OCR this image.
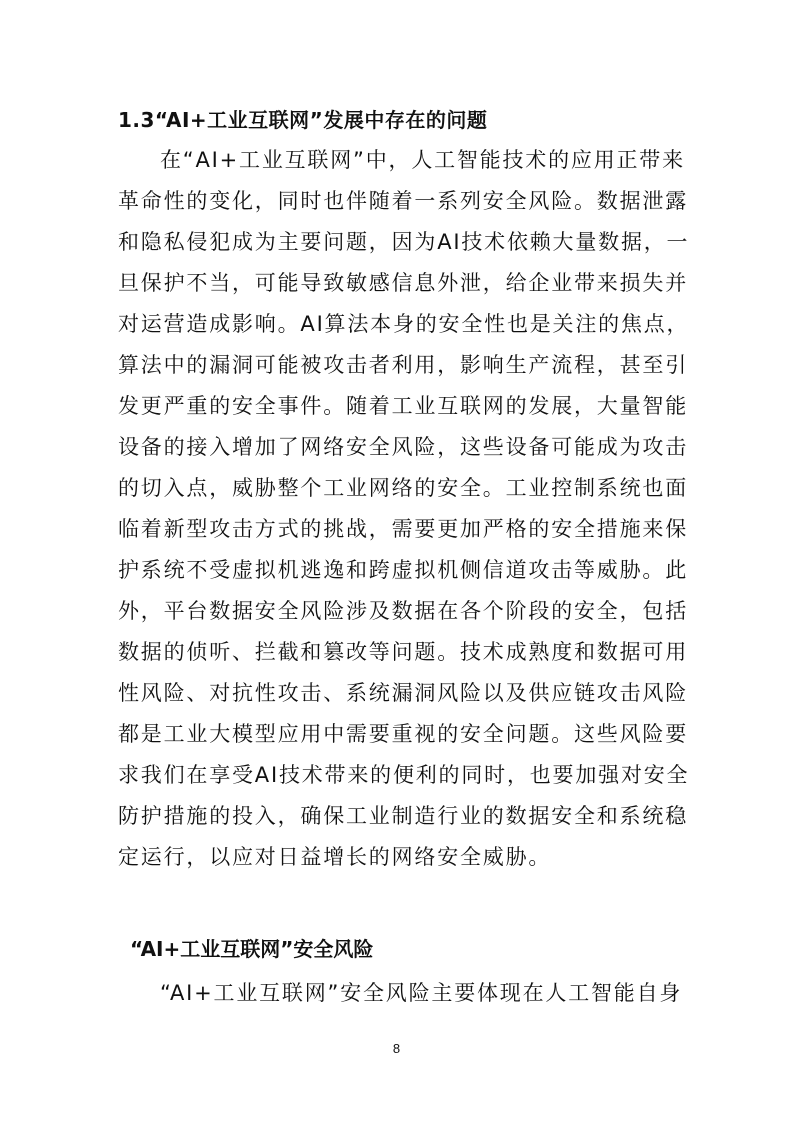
1.3“AI+工业互联网”发展中存在的问题
在“AI+工业互联网”中，人工智能技术的应用正带来
革命性的变化，同时也伴随着一系列安全风险。数据泄露
和隐私侵犯成为主要问题，因为AI技术依赖大量数据，一
旦保护不当，可能导致敏感信息外泄，给企业带来损失并
对运营造成影响。AI算法本身的安全性也是关注的焦点，
算法中的漏洞可能被攻击者利用，影响生产流程，甚至引
发更严重的安全事件。随着工业互联网的发展，大量智能
设备的接入增加了网络安全风险，这些设备可能成为攻击
的切入点，威胁整个工业网络的安全。工业控制系统也面
临着新型攻击方式的挑战，需要更加严格的安全措施来保
护系统不受虚拟机逃逸和跨虚拟机侧信道攻击等威胁。此
外，平台数据安全风险涉及数据在各个阶段的安全，包括
数据的侦听、拦截和篡改等问题。技术成熟度和数据可用
性风险、对抗性攻击、系统漏洞风险以及供应链攻击风险
都是工业大模型应用中需要重视的安全问题。这些风险要
求我们在享受AI技术带来的便利的同时，也要加强对安全
防护措施的投入，确保工业制造行业的数据安全和系统稳
定运行，以应对日益增长的网络安全威胁。
“AI+工业互联网”安全风险
“AI+工业互联网”安全风险主要体现在人工智能自身
8
